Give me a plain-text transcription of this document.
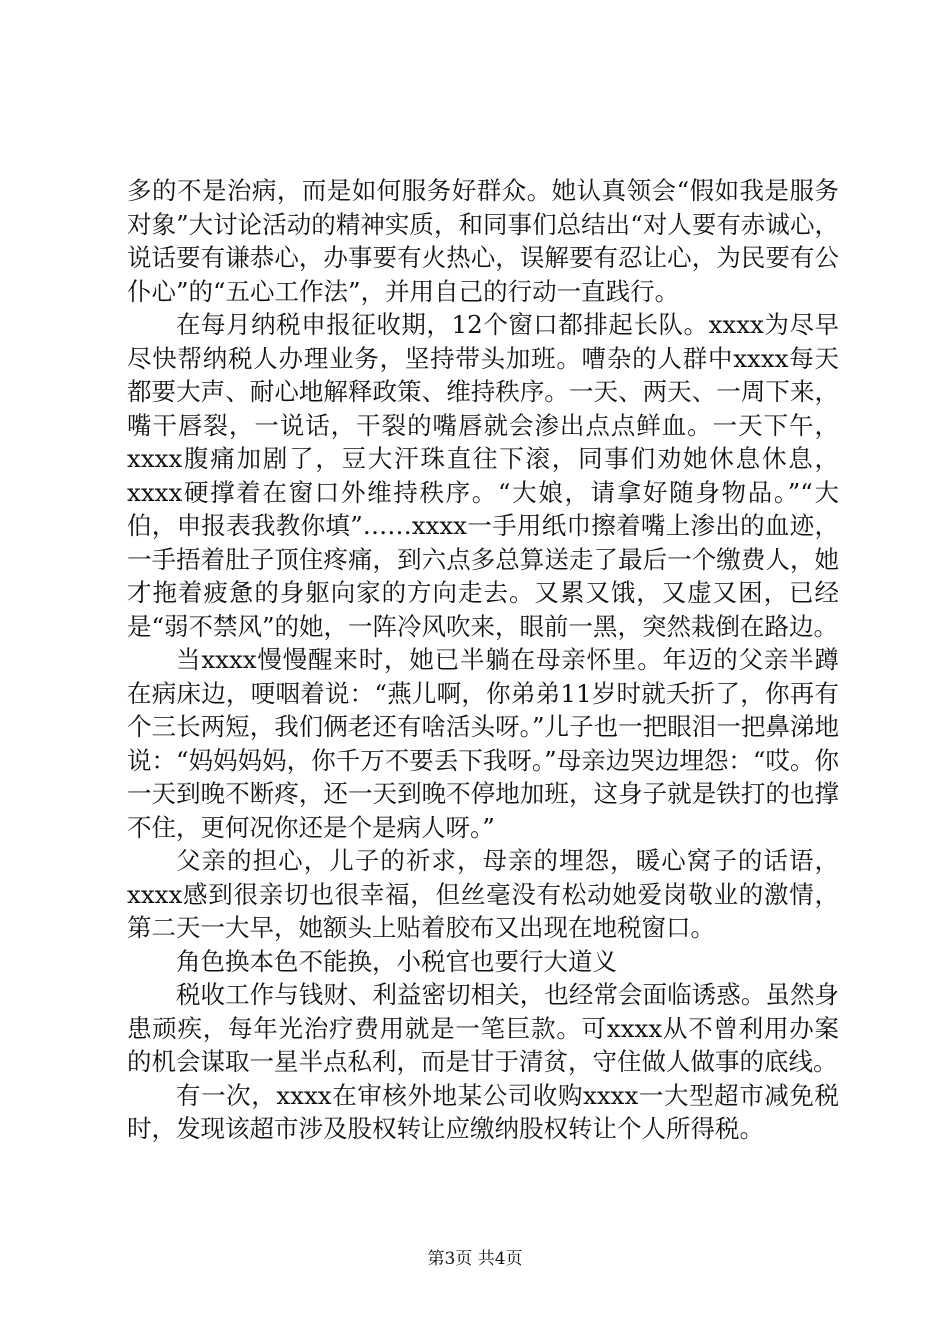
多的不是治病，而是如何服务好群众。她认真领会“假如我是服务对象”大讨论活动的精神实质，和同事们总结出“对人要有赤诚心，说话要有谦恭心，办事要有火热心，误解要有忍让心，为民要有公仆心”的“五心工作法”，并用自己的行动一直践行。

在每月纳税申报征收期，12个窗口都排起长队。xxxx为尽早尽快帮纳税人办理业务，坚持带头加班。嘈杂的人群中xxxx每天都要大声、耐心地解释政策、维持秩序。一天、两天、一周下来，嘴干唇裂，一说话，干裂的嘴唇就会渗出点点鲜血。一天下午，xxxx腹痛加剧了，豆大汗珠直往下滚，同事们劝她休息休息，xxxx硬撑着在窗口外维持秩序。“大娘，请拿好随身物品。”“大伯，申报表我教你填”……xxxx一手用纸巾擦着嘴上渗出的血迹，一手捂着肚子顶住疼痛，到六点多总算送走了最后一个缴费人，她才拖着疲惫的身躯向家的方向走去。又累又饿，又虚又困，已经是“弱不禁风”的她，一阵冷风吹来，眼前一黑，突然栽倒在路边。

当xxxx慢慢醒来时，她已半躺在母亲怀里。年迈的父亲半蹲在病床边，哽咽着说：“燕儿啊，你弟弟11岁时就夭折了，你再有个三长两短，我们俩老还有啥活头呀。”儿子也一把眼泪一把鼻涕地说：“妈妈妈妈，你千万不要丢下我呀。”母亲边哭边埋怨：“哎。你一天到晚不断疼，还一天到晚不停地加班，这身子就是铁打的也撑不住，更何况你还是个是病人呀。”

父亲的担心，儿子的祈求，母亲的埋怨，暖心窝子的话语，xxxx感到很亲切也很幸福，但丝毫没有松动她爱岗敬业的激情，第二天一大早，她额头上贴着胶布又出现在地税窗口。

角色换本色不能换，小税官也要行大道义

税收工作与钱财、利益密切相关，也经常会面临诱惑。虽然身患顽疾，每年光治疗费用就是一笔巨款。可xxxx从不曾利用办案的机会谋取一星半点私利，而是甘于清贫，守住做人做事的底线。

有一次，xxxx在审核外地某公司收购xxxx一大型超市减免税时，发现该超市涉及股权转让应缴纳股权转让个人所得税。

第3页 共4页
